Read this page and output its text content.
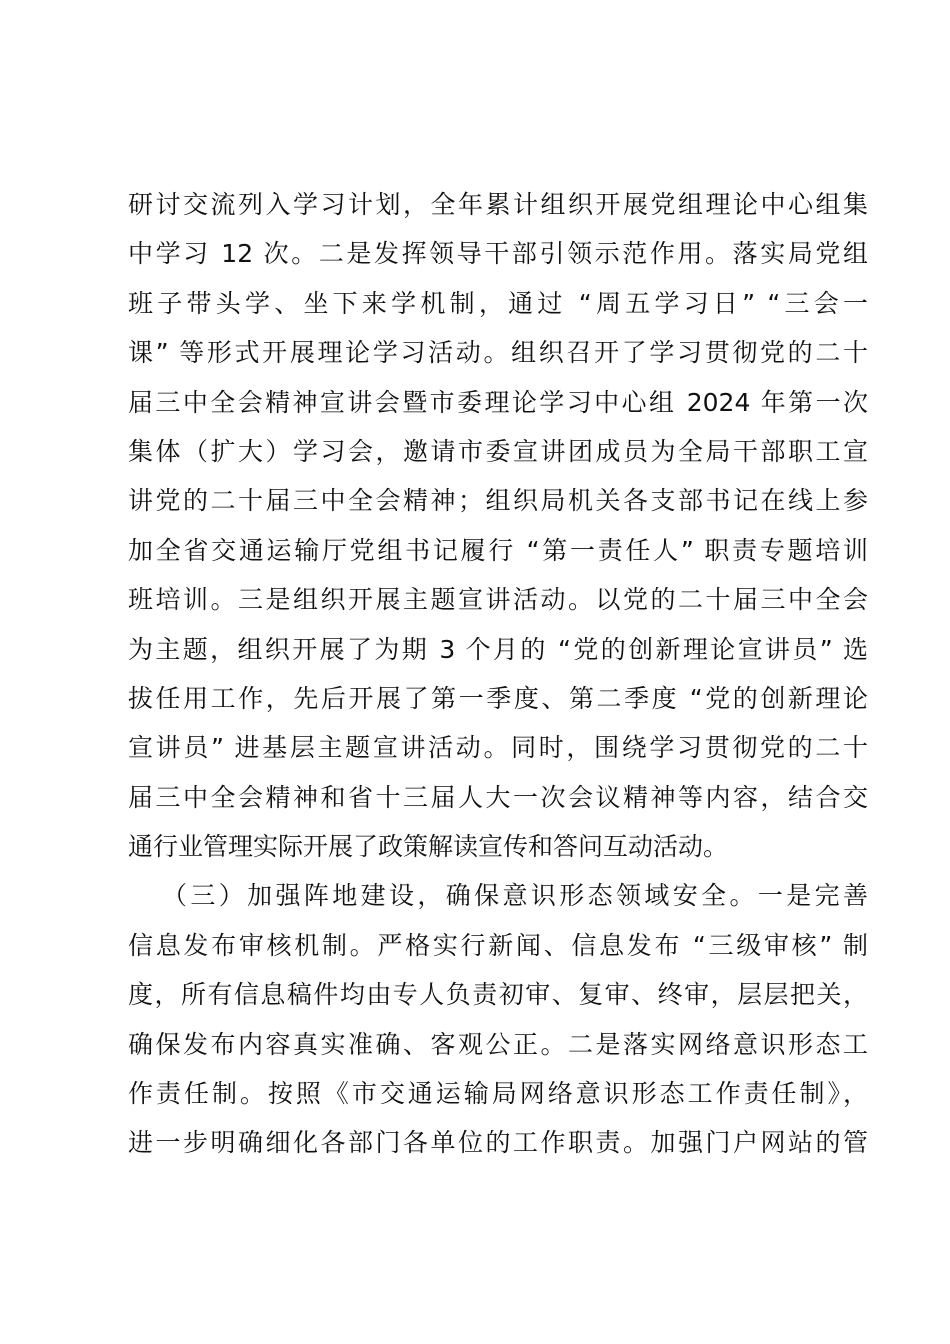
研讨交流列入学习计划，全年累计组织开展党组理论中心组集
中学习 12 次。二是发挥领导干部引领示范作用。落实局党组
班子带头学、坐下来学机制，通过 “周五学习日” “三会一
课” 等形式开展理论学习活动。组织召开了学习贯彻党的二十
届三中全会精神宣讲会暨市委理论学习中心组 2024 年第一次
集体（扩大）学习会，邀请市委宣讲团成员为全局干部职工宣
讲党的二十届三中全会精神；组织局机关各支部书记在线上参
加全省交通运输厅党组书记履行 “第一责任人” 职责专题培训
班培训。三是组织开展主题宣讲活动。以党的二十届三中全会
为主题，组织开展了为期 3 个月的 “党的创新理论宣讲员” 选
拔任用工作，先后开展了第一季度、第二季度 “党的创新理论
宣讲员” 进基层主题宣讲活动。同时，围绕学习贯彻党的二十
届三中全会精神和省十三届人大一次会议精神等内容，结合交
通行业管理实际开展了政策解读宣传和答问互动活动。
（三）加强阵地建设，确保意识形态领域安全。一是完善
信息发布审核机制。严格实行新闻、信息发布 “三级审核” 制
度，所有信息稿件均由专人负责初审、复审、终审，层层把关，
确保发布内容真实准确、客观公正。二是落实网络意识形态工
作责任制。按照《市交通运输局网络意识形态工作责任制》，
进一步明确细化各部门各单位的工作职责。加强门户网站的管
